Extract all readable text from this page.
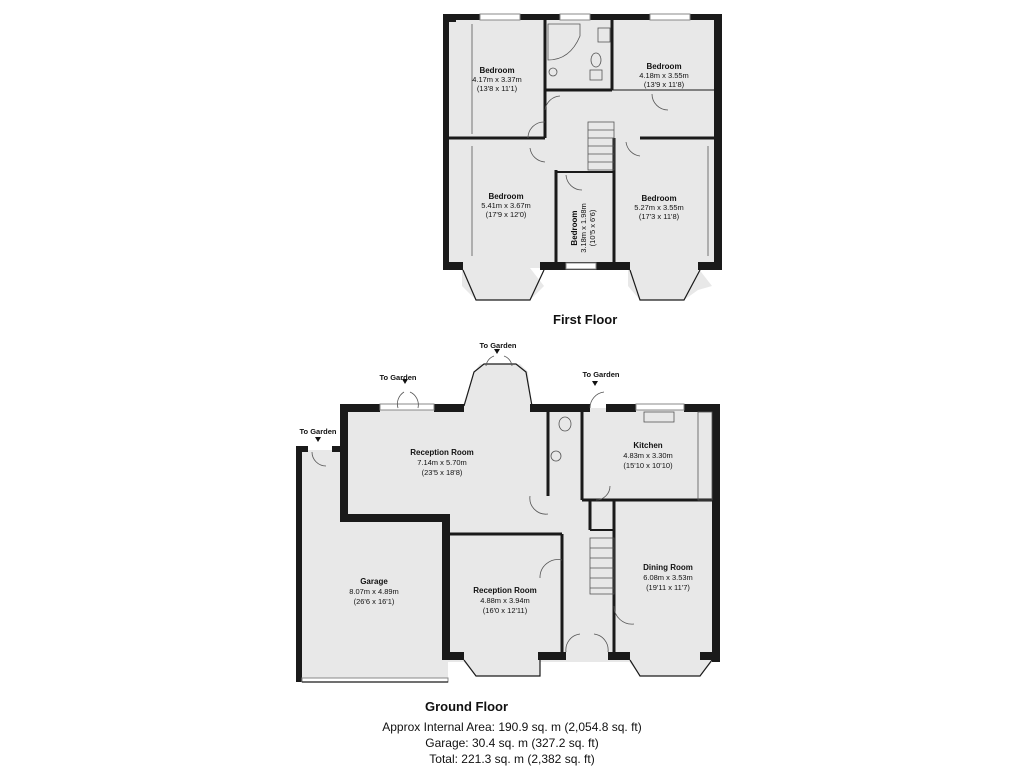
Bedroom
4.17m x 3.37m
(13'8 x 11'1)
Bedroom
4.18m x 3.55m
(13'9 x 11'8)
Bedroom
5.41m x 3.67m
(17'9 x 12'0)	Bedroom 3.18m x 1.98m (10'5 x 6'6)
Bedroom
5.27m x 3.55m
(17'3 x 11'8)
To Garden
To Garden
To Garden
To Garden
Reception Room
7.14m x 5.70m
(23'5 x 18'8)
Kitchen
4.83m x 3.30m
(15'10 x 10'10)
Garage
8.07m x 4.89m
(26'6 x 16'1)
Reception Room
4.88m x 3.94m
(16'0 x 12'11)
Dining Room
6.08m x 3.53m
(19'11 x 11'7)
First Floor
Ground Floor
Approx Internal Area: 190.9 sq. m (2,054.8 sq. ft)
Garage: 30.4 sq. m (327.2 sq. ft)
Total: 221.3 sq. m (2,382 sq. ft)
